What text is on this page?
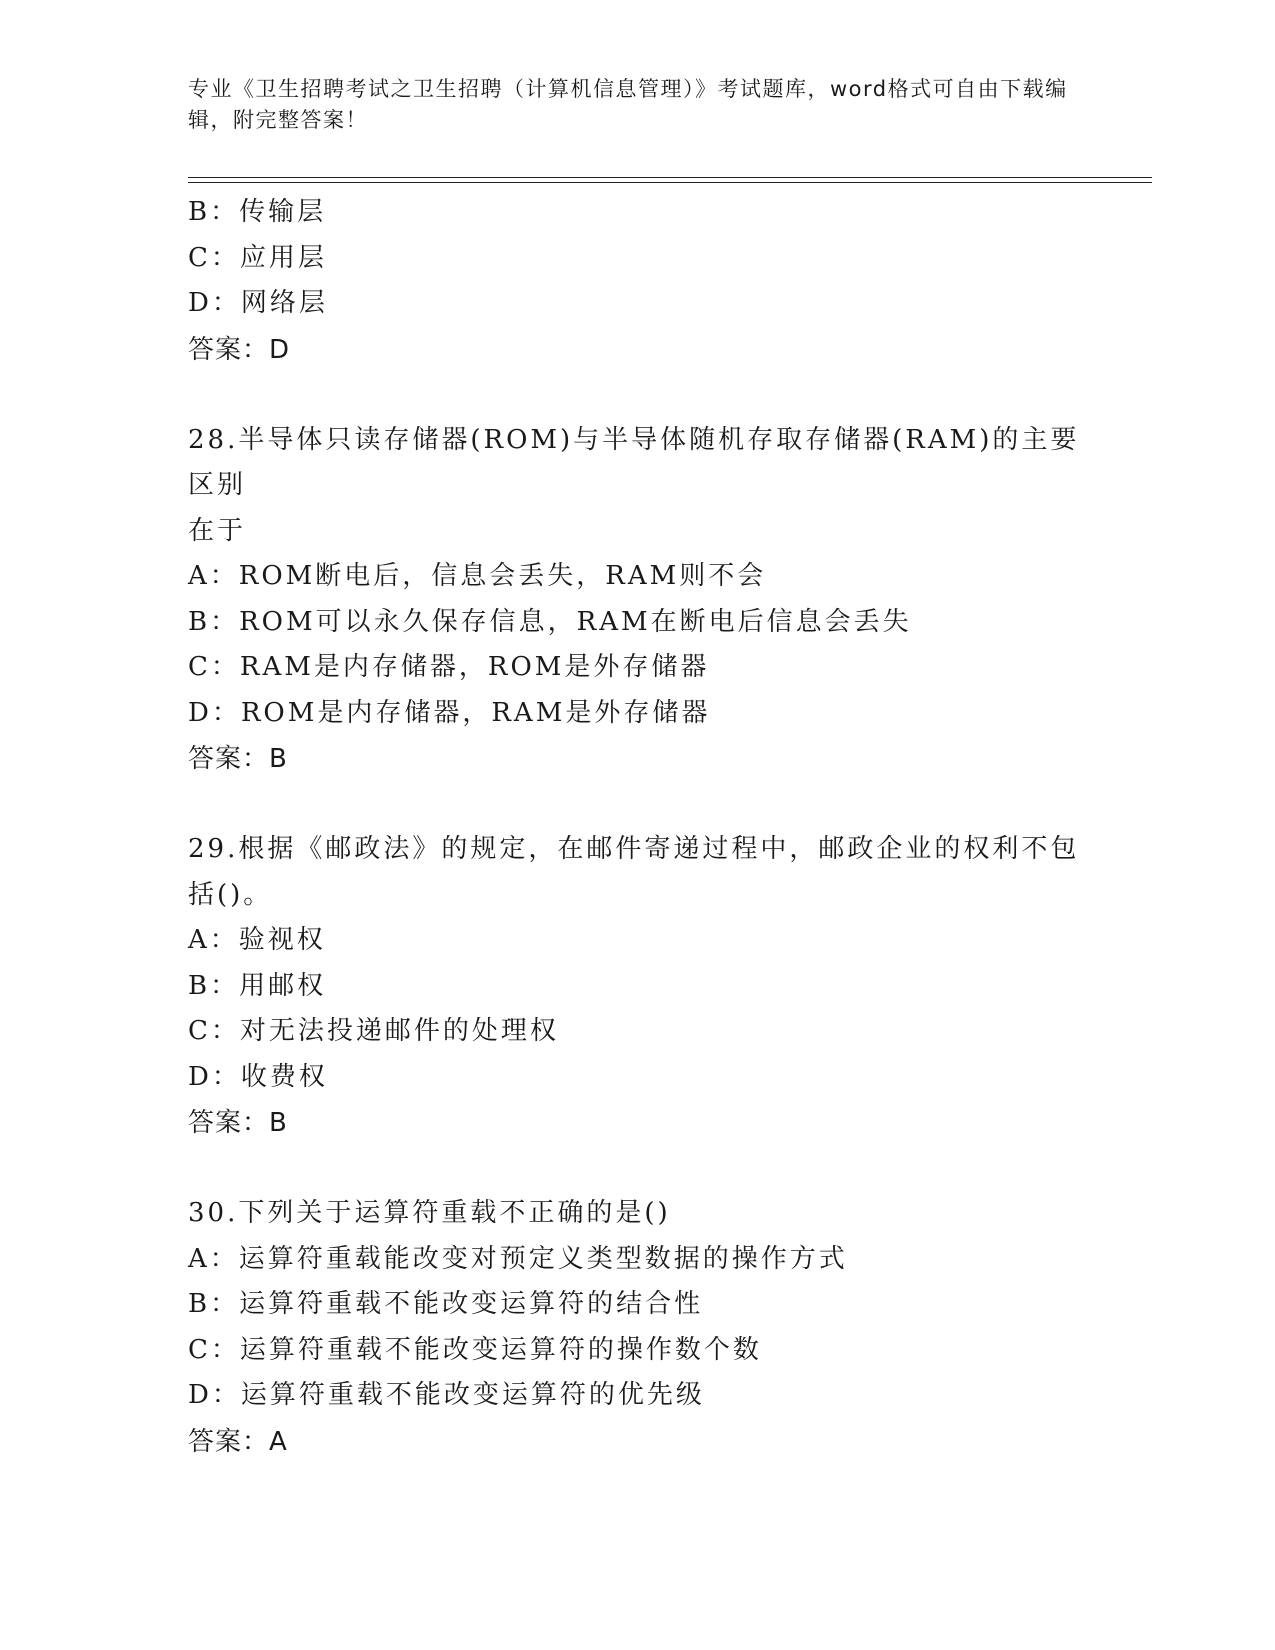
专业《卫生招聘考试之卫生招聘（计算机信息管理）》考试题库，word格式可自由下载编辑，附完整答案！
B：传输层
C：应用层
D：网络层
答案：D
28.半导体只读存储器(ROM)与半导体随机存取存储器(RAM)的主要区别
在于
A：ROM断电后，信息会丢失，RAM则不会
B：ROM可以永久保存信息，RAM在断电后信息会丢失
C：RAM是内存储器，ROM是外存储器
D：ROM是内存储器，RAM是外存储器
答案：B
29.根据《邮政法》的规定，在邮件寄递过程中，邮政企业的权利不包
括()。
A：验视权
B：用邮权
C：对无法投递邮件的处理权
D：收费权
答案：B
30.下列关于运算符重载不正确的是()
A：运算符重载能改变对预定义类型数据的操作方式
B：运算符重载不能改变运算符的结合性
C：运算符重载不能改变运算符的操作数个数
D：运算符重载不能改变运算符的优先级
答案：A
